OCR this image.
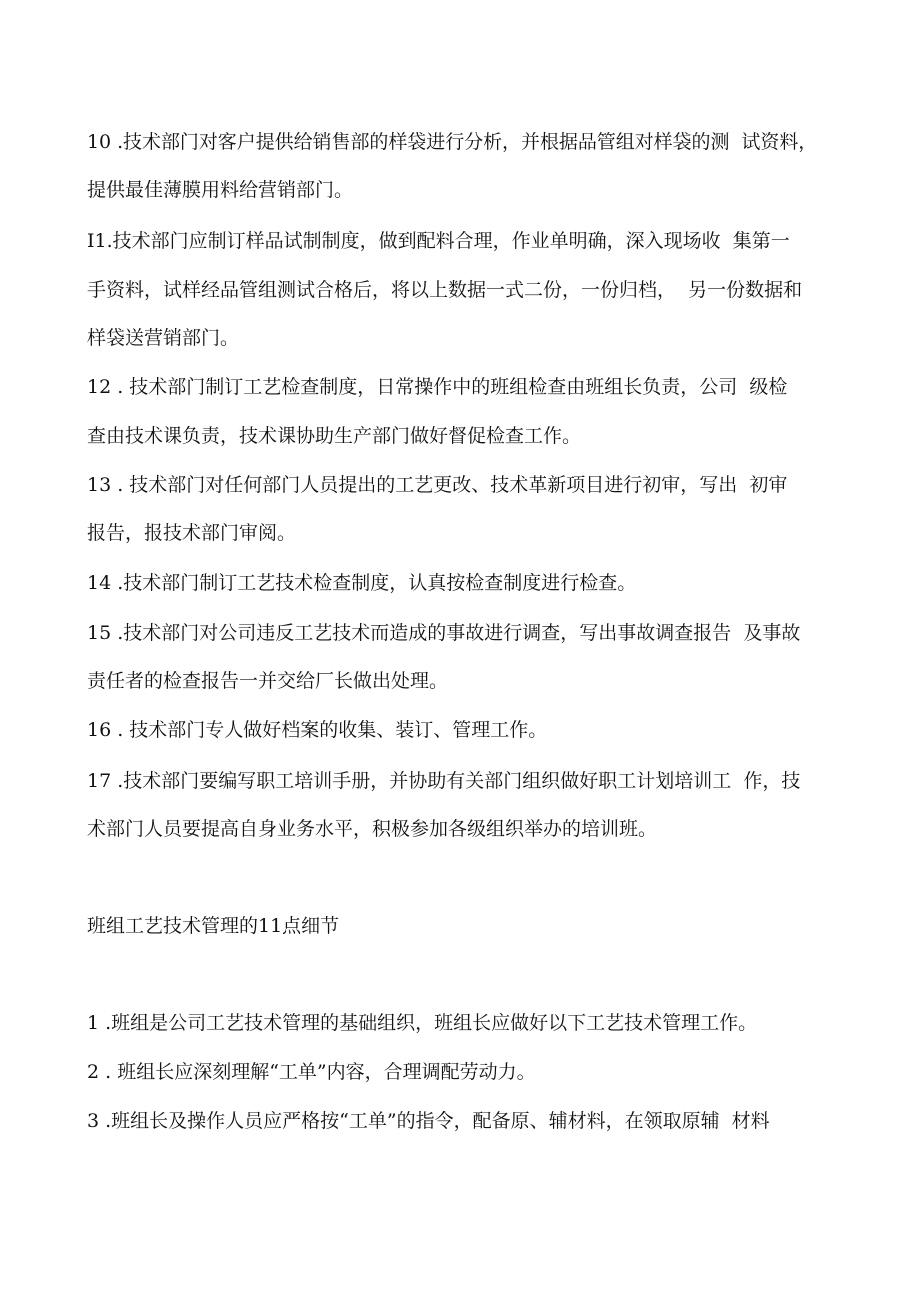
10 .技术部门对客户提供给销售部的样袋进行分析，并根据品管组对样袋的测  试资料，

提供最佳薄膜用料给营销部门。

I1.技术部门应制订样品试制制度，做到配料合理，作业单明确，深入现场收  集第一

手资料，试样经品管组测试合格后，将以上数据一式二份，一份归档，  另一份数据和

样袋送营销部门。

12 . 技术部门制订工艺检查制度，日常操作中的班组检查由班组长负责，公司  级检

查由技术课负责，技术课协助生产部门做好督促检查工作。

13 . 技术部门对任何部门人员提出的工艺更改、技术革新项目进行初审，写出  初审

报告，报技术部门审阅。

14 .技术部门制订工艺技术检查制度，认真按检查制度进行检查。

15 .技术部门对公司违反工艺技术而造成的事故进行调查，写出事故调查报告  及事故

责任者的检查报告一并交给厂长做出处理。

16 . 技术部门专人做好档案的收集、装订、管理工作。

17 .技术部门要编写职工培训手册，并协助有关部门组织做好职工计划培训工  作，技

术部门人员要提高自身业务水平，积极参加各级组织举办的培训班。

班组工艺技术管理的11点细节

1 .班组是公司工艺技术管理的基础组织，班组长应做好以下工艺技术管理工作。

2 . 班组长应深刻理解“工单”内容，合理调配劳动力。

3 .班组长及操作人员应严格按“工单”的指令，配备原、辅材料，在领取原辅  材料
